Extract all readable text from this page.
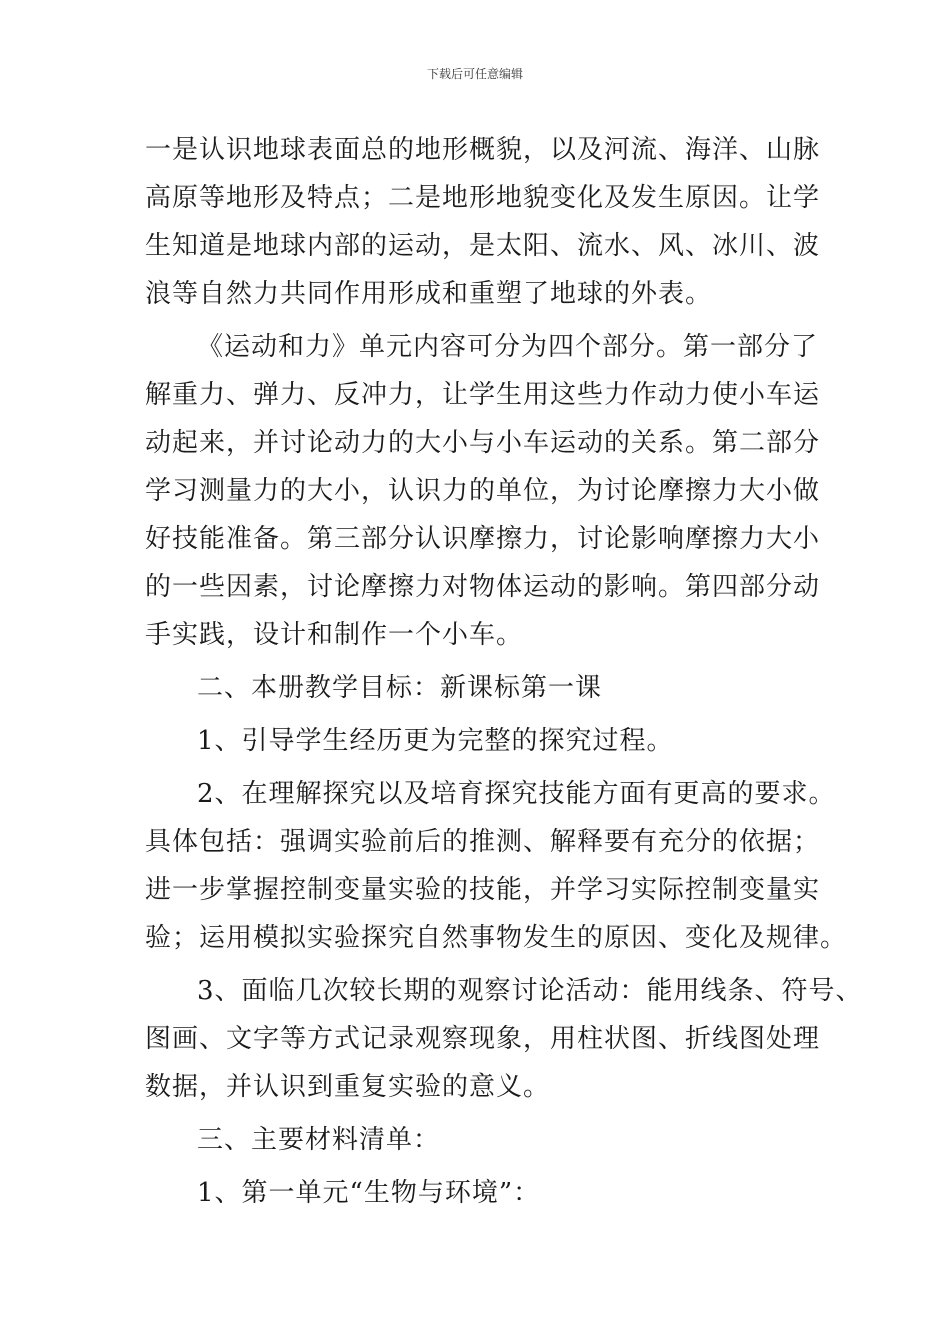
下载后可任意编辑
一是认识地球表面总的地形概貌，以及河流、海洋、山脉
高原等地形及特点；二是地形地貌变化及发生原因。让学
生知道是地球内部的运动，是太阳、流水、风、冰川、波
浪等自然力共同作用形成和重塑了地球的外表。
《运动和力》单元内容可分为四个部分。第一部分了
解重力、弹力、反冲力，让学生用这些力作动力使小车运
动起来，并讨论动力的大小与小车运动的关系。第二部分
学习测量力的大小，认识力的单位，为讨论摩擦力大小做
好技能准备。第三部分认识摩擦力，讨论影响摩擦力大小
的一些因素，讨论摩擦力对物体运动的影响。第四部分动
手实践，设计和制作一个小车。
二、本册教学目标：新课标第一课
1、引导学生经历更为完整的探究过程。
2、在理解探究以及培育探究技能方面有更高的要求。
具体包括：强调实验前后的推测、解释要有充分的依据；
进一步掌握控制变量实验的技能，并学习实际控制变量实
验；运用模拟实验探究自然事物发生的原因、变化及规律。
3、面临几次较长期的观察讨论活动：能用线条、符号、
图画、文字等方式记录观察现象，用柱状图、折线图处理
数据，并认识到重复实验的意义。
三、主要材料清单：
1、第一单元“生物与环境”：
